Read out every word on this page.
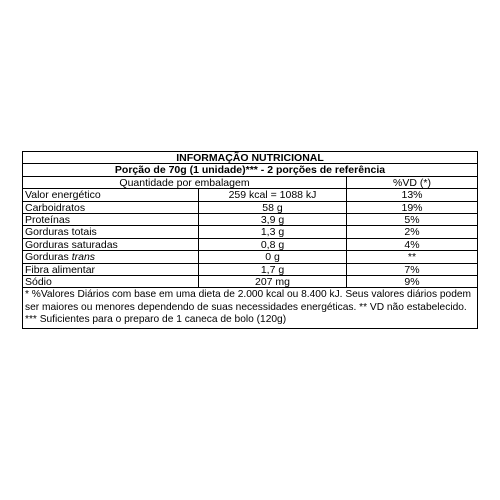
INFORMAÇÃO NUTRICIONAL
Porção de 70g (1 unidade)*** - 2 porções de referência
Quantidade por embalagem	%VD (*)
Valor energético	259 kcal = 1088 kJ	13%
Carboidratos	58 g	19%
Proteínas	3,9 g	5%
Gorduras totais	1,3 g	2%
Gorduras saturadas	0,8 g	4%
Gorduras trans	0 g	**
Fibra alimentar	1,7 g	7%
Sódio	207 mg	9%
* %Valores Diários com base em uma dieta de 2.000 kcal ou 8.400 kJ. Seus valores diários podem
ser maiores ou menores dependendo de suas necessidades energéticas. ** VD não estabelecido.
*** Suficientes para o preparo de 1 caneca de bolo (120g)
